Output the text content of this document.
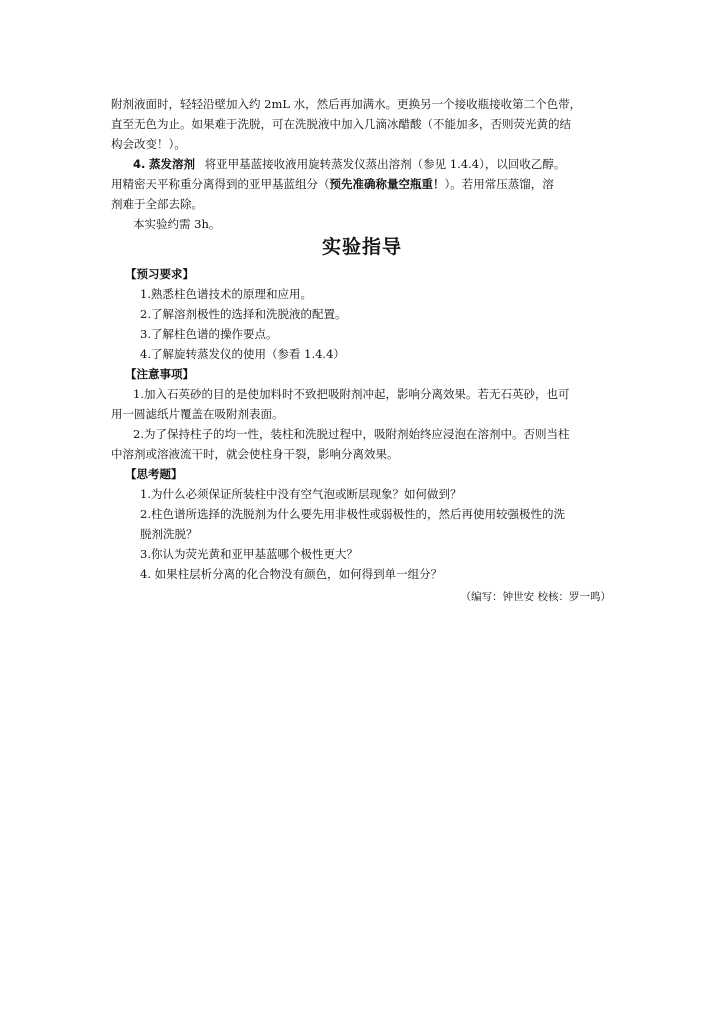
附剂液面时，轻轻沿壁加入约 2mL 水，然后再加满水。更换另一个接收瓶接收第二个色带，
直至无色为止。如果难于洗脱，可在洗脱液中加入几滴冰醋酸（不能加多，否则荧光黄的结
构会改变！）。
4. 蒸发溶剂 将亚甲基蓝接收液用旋转蒸发仪蒸出溶剂（参见 1.4.4），以回收乙醇。
用精密天平称重分离得到的亚甲基蓝组分（预先准确称量空瓶重！）。若用常压蒸馏，溶
剂难于全部去除。
本实验约需 3h。
实验指导
【预习要求】
1.熟悉柱色谱技术的原理和应用。
2.了解溶剂极性的选择和洗脱液的配置。
3.了解柱色谱的操作要点。
4.了解旋转蒸发仪的使用（参看 1.4.4）
【注意事项】
1.加入石英砂的目的是使加料时不致把吸附剂冲起，影响分离效果。若无石英砂，也可
用一圆滤纸片覆盖在吸附剂表面。
2.为了保持柱子的均一性，装柱和洗脱过程中，吸附剂始终应浸泡在溶剂中。否则当柱
中溶剂或溶液流干时，就会使柱身干裂，影响分离效果。
【思考题】
1.为什么必须保证所装柱中没有空气泡或断层现象？如何做到？
2.柱色谱所选择的洗脱剂为什么要先用非极性或弱极性的，然后再使用较强极性的洗
脱剂洗脱？
3.你认为荧光黄和亚甲基蓝哪个极性更大？
4. 如果柱层析分离的化合物没有颜色，如何得到单一组分？
（编写：钟世安 校核：罗一鸣）
